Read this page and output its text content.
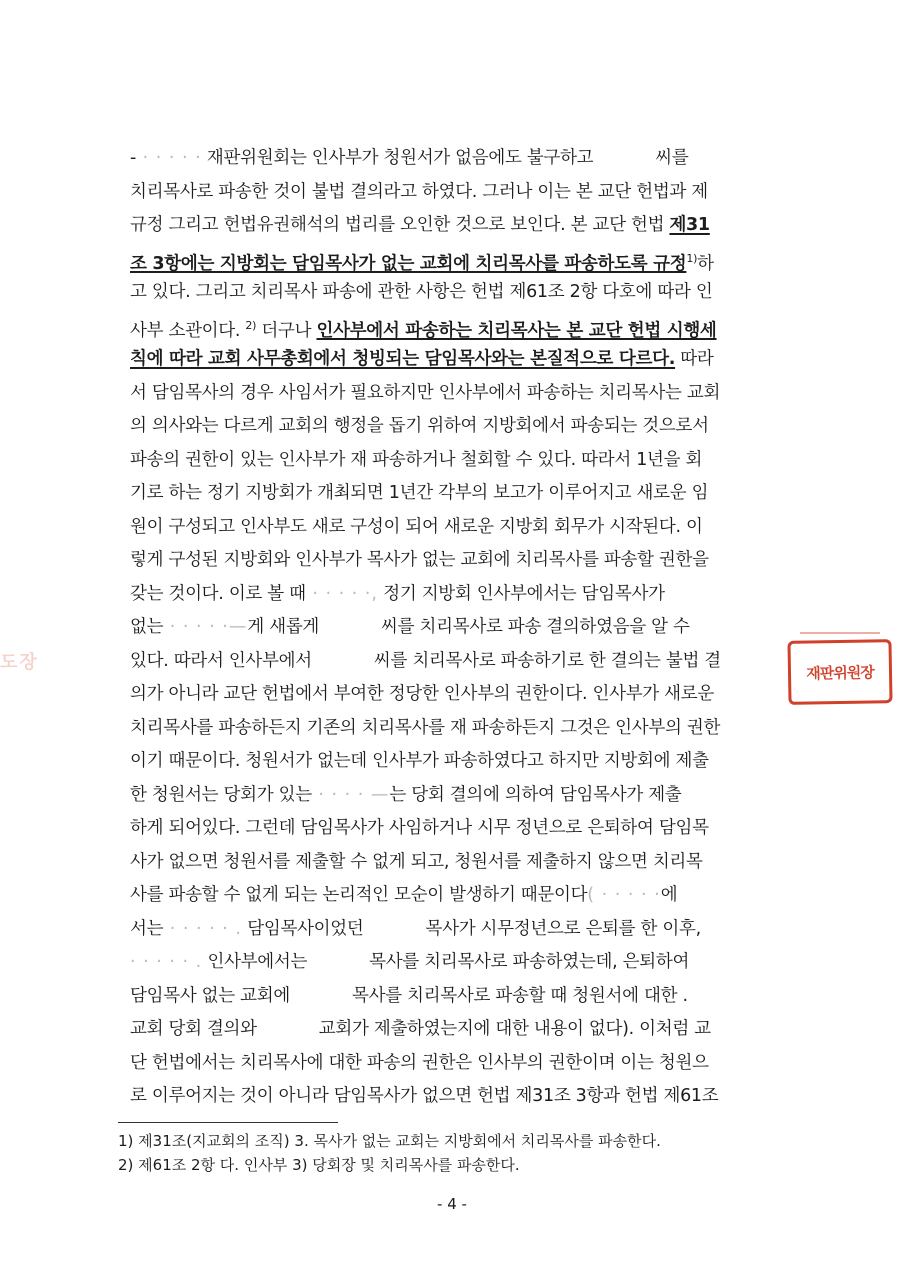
- · · · · · 재판위원회는 인사부가 청원서가 없음에도 불구하고	씨를
치리목사로 파송한 것이 불법 결의라고 하였다. 그러나 이는 본 교단 헌법과 제
규정 그리고 헌법유권해석의 법리를 오인한 것으로 보인다. 본 교단 헌법 제31
조 3항에는 지방회는 담임목사가 없는 교회에 치리목사를 파송하도록 규정$^{1)}$하
고 있다. 그리고 치리목사 파송에 관한 사항은 헌법 제61조 2항 다호에 따라 인
사부 소관이다. $^{2)}$ 더구나 인사부에서 파송하는 치리목사는 본 교단 헌법 시행세
칙에 따라 교회 사무총회에서 청빙되는 담임목사와는 본질적으로 다르다. 따라
서 담임목사의 경우 사임서가 필요하지만 인사부에서 파송하는 치리목사는 교회
의 의사와는 다르게 교회의 행정을 돕기 위하여 지방회에서 파송되는 것으로서
파송의 권한이 있는 인사부가 재 파송하거나 철회할 수 있다. 따라서 1년을 회
기로 하는 정기 지방회가 개최되면 1년간 각부의 보고가 이루어지고 새로운 임
원이 구성되고 인사부도 새로 구성이 되어 새로운 지방회 회무가 시작된다. 이
렇게 구성된 지방회와 인사부가 목사가 없는 교회에 치리목사를 파송할 권한을
갖는 것이다. 이로 볼 때 · · · · ·, 정기 지방회 인사부에서는 담임목사가
없는 · · · · ·—게 새롭게	씨를 치리목사로 파송 결의하였음을 알 수
있다. 따라서 인사부에서	씨를 치리목사로 파송하기로 한 결의는 불법 결
의가 아니라 교단 헌법에서 부여한 정당한 인사부의 권한이다. 인사부가 새로운
치리목사를 파송하든지 기존의 치리목사를 재 파송하든지 그것은 인사부의 권한
이기 때문이다. 청원서가 없는데 인사부가 파송하였다고 하지만 지방회에 제출
한 청원서는 당회가 있는 · · · · —는 당회 결의에 의하여 담임목사가 제출
하게 되어있다. 그런데 담임목사가 사임하거나 시무 정년으로 은퇴하여 담임목
사가 없으면 청원서를 제출할 수 없게 되고, 청원서를 제출하지 않으면 치리목
사를 파송할 수 없게 되는 논리적인 모순이 발생하기 때문이다( · · · · ·에
서는 · · · · · . 담임목사이었던	목사가 시무정년으로 은퇴를 한 이후,
· · · · · . 인사부에서는	목사를 치리목사로 파송하였는데, 은퇴하여
담임목사 없는 교회에	목사를 치리목사로 파송할 때 청원서에 대한 .
교회 당회 결의와	교회가 제출하였는지에 대한 내용이 없다). 이처럼 교
단 헌법에서는 치리목사에 대한 파송의 권한은 인사부의 권한이며 이는 청원으
로 이루어지는 것이 아니라 담임목사가 없으면 헌법 제31조 3항과 헌법 제61조
1) 제31조(지교회의 조직) 3. 목사가 없는 교회는 지방회에서 치리목사를 파송한다.
2) 제61조 2항 다. 인사부 3) 당회장 및 치리목사를 파송한다.
- 4 -
재판위원장
도장
